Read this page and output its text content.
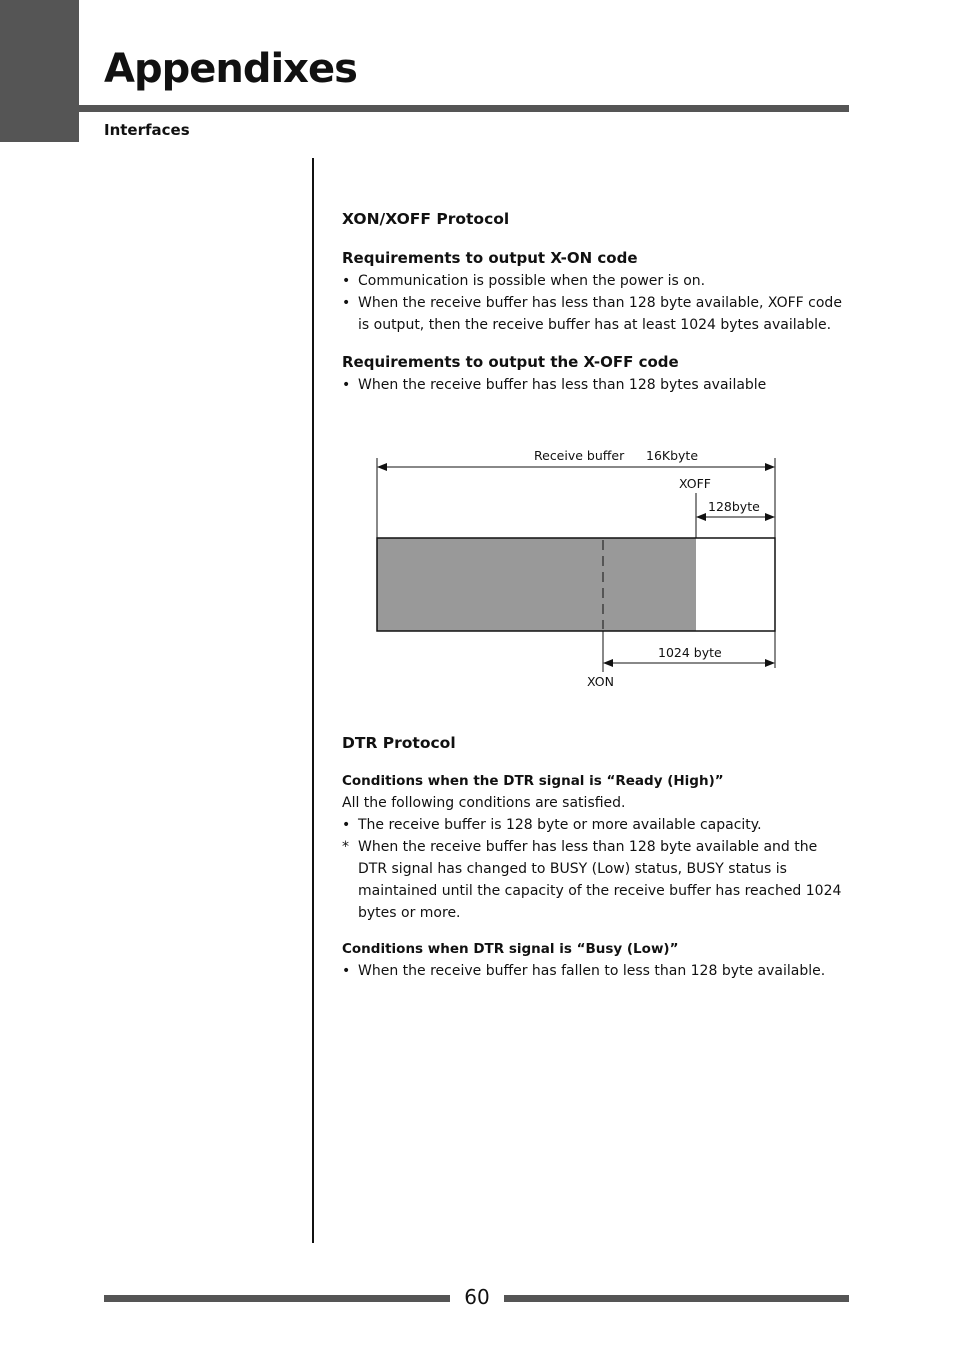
Appendixes
Interfaces
XON/XOFF Protocol
Requirements to output X-ON code
• Communication is possible when the power is on.
• When the receive buffer has less than 128 byte available, XOFF code is output, then the receive buffer has at least 1024 bytes available.
Requirements to output the X-OFF code
• When the receive buffer has less than 128 bytes available
Receive buffer 16Kbyte
XOFF
128byte
1024 byte
XON
DTR Protocol
Conditions when the DTR signal is “Ready (High)”

All the following conditions are satisfied.

• The receive buffer is 128 byte or more available capacity.
* When the receive buffer has less than 128 byte available and the DTR signal has changed to BUSY (Low) status, BUSY status is maintained until the capacity of the receive buffer has reached 1024 bytes or more.
Conditions when DTR signal is “Busy (Low)”
• When the receive buffer has fallen to less than 128 byte available.
60
